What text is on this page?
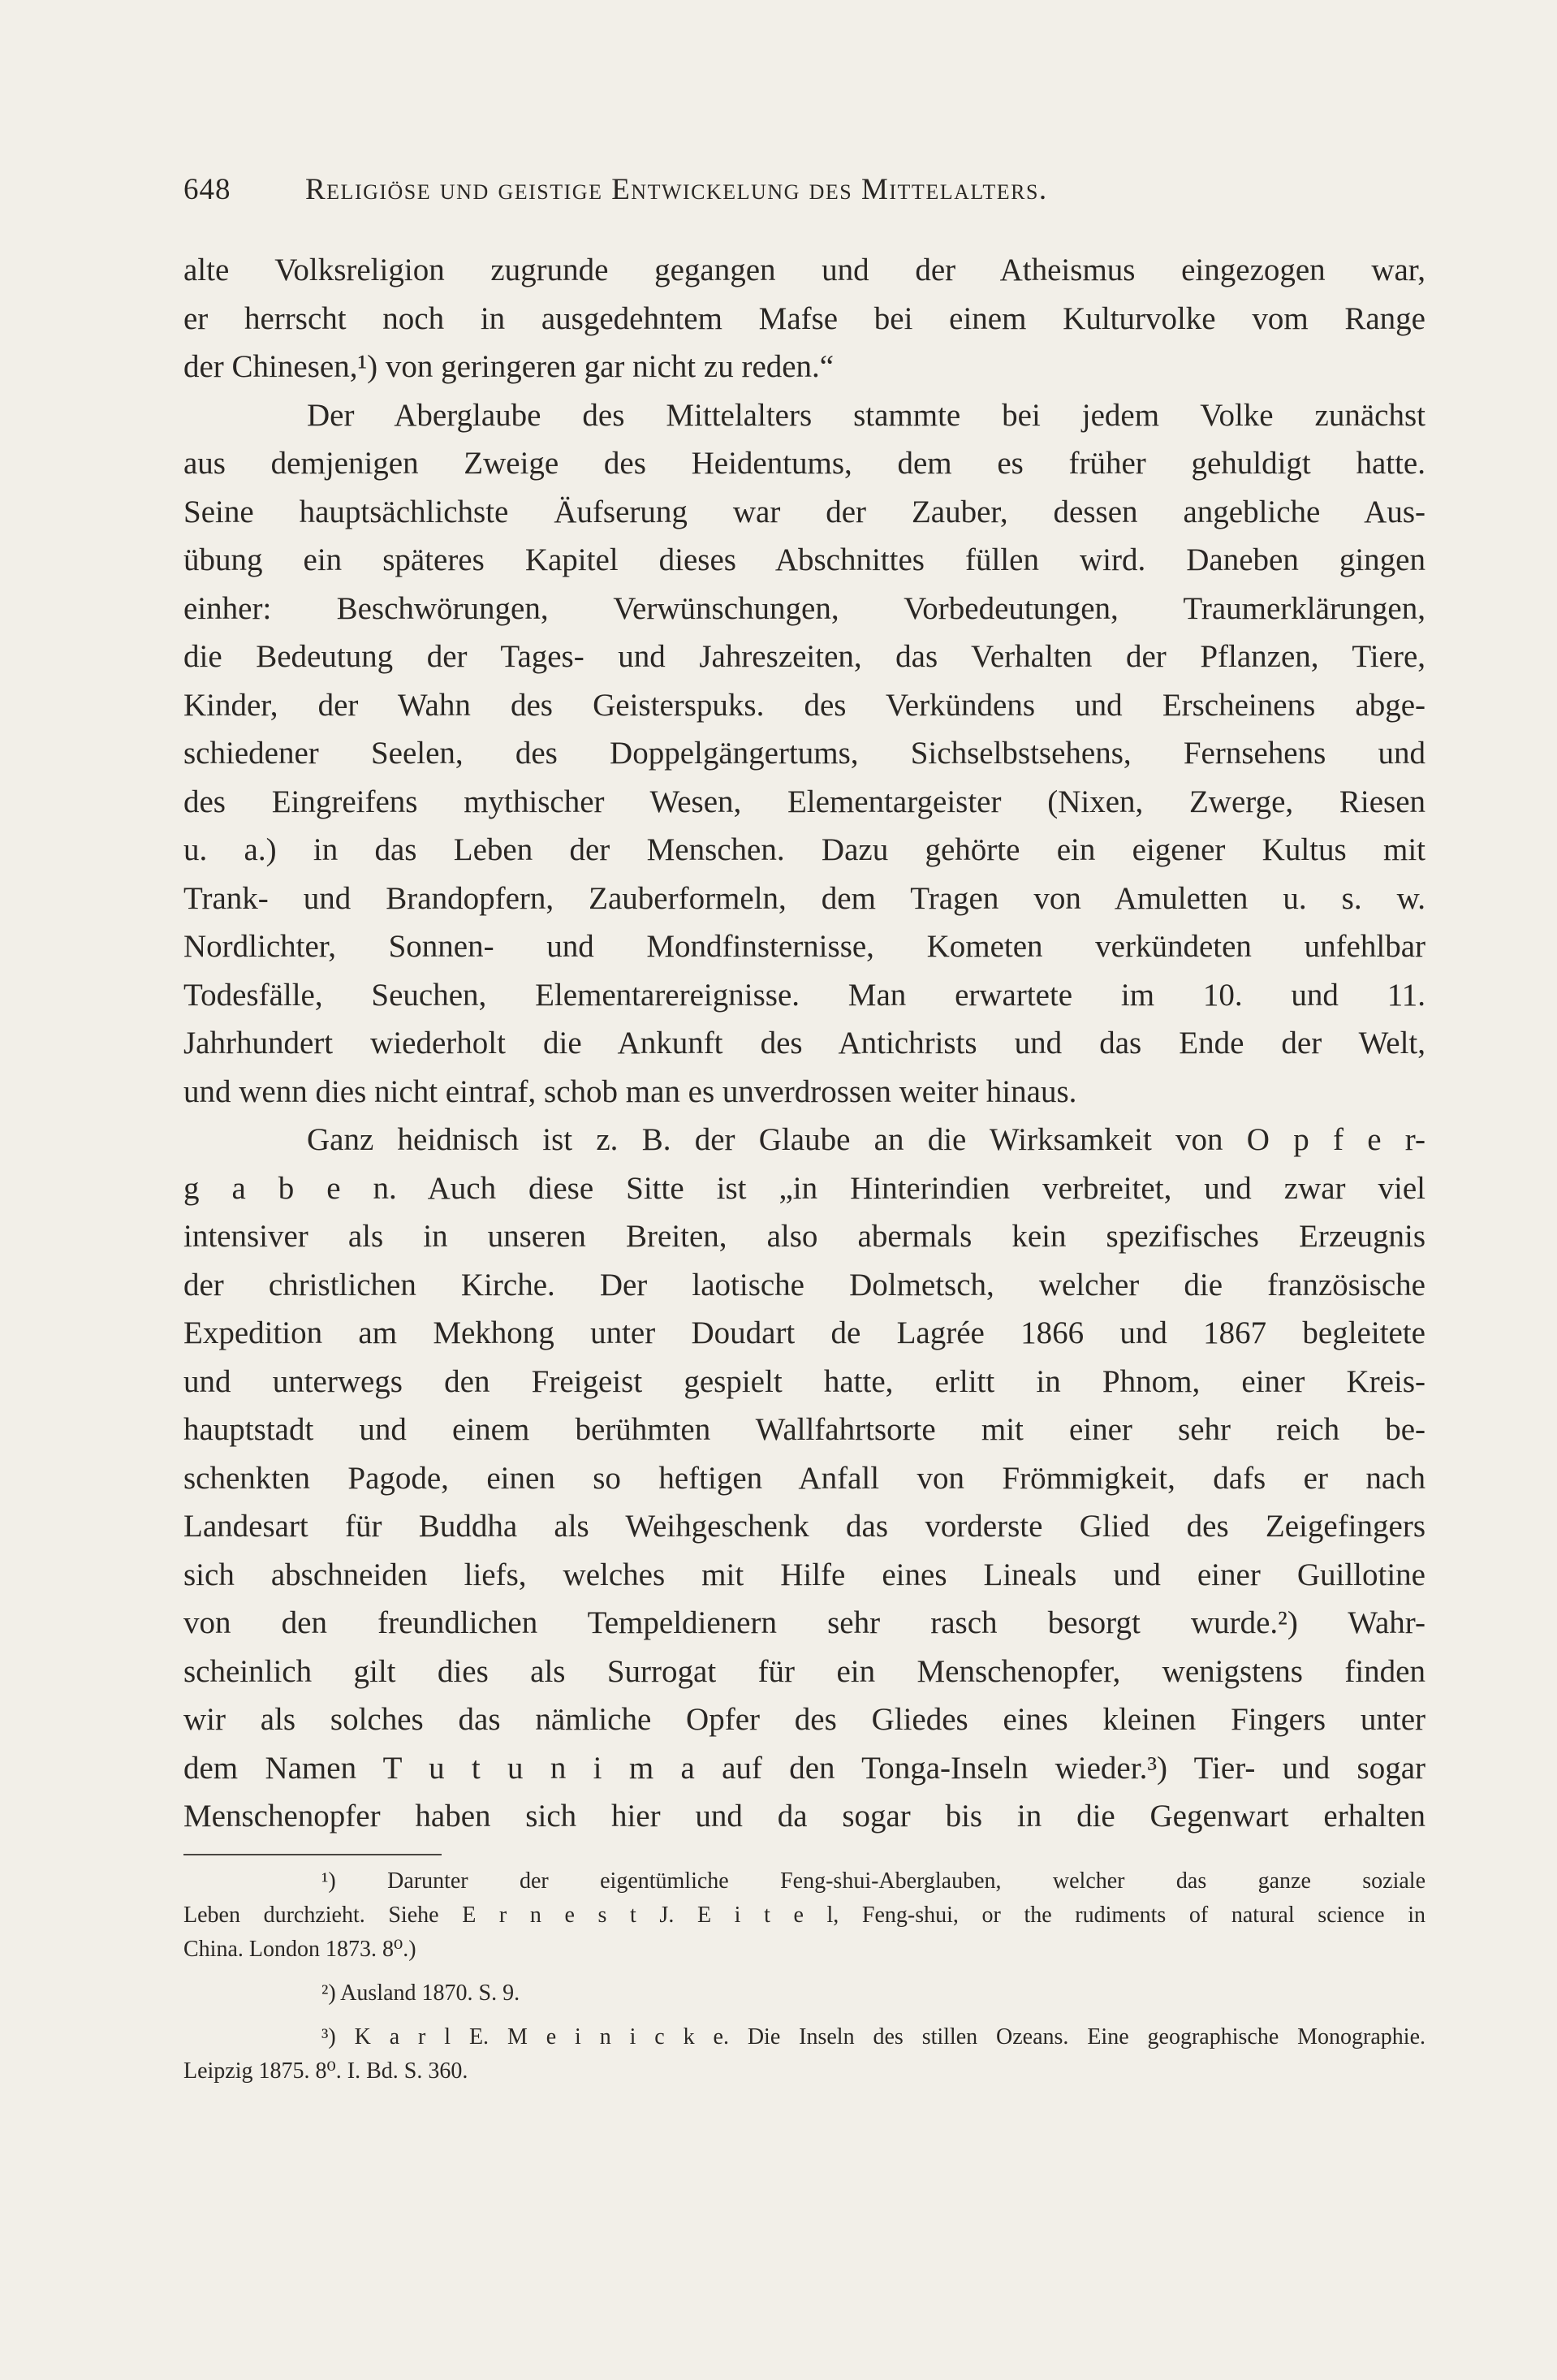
648 Religiöse und geistige Entwickelung des Mittelalters.
alte Volksreligion zugrunde gegangen und der Atheismus eingezogen war,
er herrscht noch in ausgedehntem Mafse bei einem Kulturvolke vom Range
der Chinesen,¹) von geringeren gar nicht zu reden.“
Der Aberglaube des Mittelalters stammte bei jedem Volke zunächst
aus demjenigen Zweige des Heidentums, dem es früher gehuldigt hatte.
Seine hauptsächlichste Äufserung war der Zauber, dessen angebliche Aus-
übung ein späteres Kapitel dieses Abschnittes füllen wird. Daneben gingen
einher: Beschwörungen, Verwünschungen, Vorbedeutungen, Traumerklärungen,
die Bedeutung der Tages- und Jahreszeiten, das Verhalten der Pflanzen, Tiere,
Kinder, der Wahn des Geisterspuks. des Verkündens und Erscheinens abge-
schiedener Seelen, des Doppelgängertums, Sichselbstsehens, Fernsehens und
des Eingreifens mythischer Wesen, Elementargeister (Nixen, Zwerge, Riesen
u. a.) in das Leben der Menschen. Dazu gehörte ein eigener Kultus mit
Trank- und Brandopfern, Zauberformeln, dem Tragen von Amuletten u. s. w.
Nordlichter, Sonnen- und Mondfinsternisse, Kometen verkündeten unfehlbar
Todesfälle, Seuchen, Elementarereignisse. Man erwartete im 10. und 11.
Jahrhundert wiederholt die Ankunft des Antichrists und das Ende der Welt,
und wenn dies nicht eintraf, schob man es unverdrossen weiter hinaus.
Ganz heidnisch ist z. B. der Glaube an die Wirksamkeit von O p f e r-
g a b e n. Auch diese Sitte ist „in Hinterindien verbreitet, und zwar viel
intensiver als in unseren Breiten, also abermals kein spezifisches Erzeugnis
der christlichen Kirche. Der laotische Dolmetsch, welcher die französische
Expedition am Mekhong unter Doudart de Lagrée 1866 und 1867 begleitete
und unterwegs den Freigeist gespielt hatte, erlitt in Phnom, einer Kreis-
hauptstadt und einem berühmten Wallfahrtsorte mit einer sehr reich be-
schenkten Pagode, einen so heftigen Anfall von Frömmigkeit, dafs er nach
Landesart für Buddha als Weihgeschenk das vorderste Glied des Zeigefingers
sich abschneiden liefs, welches mit Hilfe eines Lineals und einer Guillotine
von den freundlichen Tempeldienern sehr rasch besorgt wurde.²) Wahr-
scheinlich gilt dies als Surrogat für ein Menschenopfer, wenigstens finden
wir als solches das nämliche Opfer des Gliedes eines kleinen Fingers unter
dem Namen T u t u n i m a auf den Tonga-Inseln wieder.³) Tier- und sogar
Menschenopfer haben sich hier und da sogar bis in die Gegenwart erhalten
¹) Darunter der eigentümliche Feng-shui-Aberglauben, welcher das ganze soziale
Leben durchzieht. Siehe E r n e s t J. E i t e l, Feng-shui, or the rudiments of natural science in
China. London 1873. 8⁰.)
²) Ausland 1870. S. 9.
³) K a r l E. M e i n i c k e. Die Inseln des stillen Ozeans. Eine geographische Monographie.
Leipzig 1875. 8⁰. I. Bd. S. 360.
